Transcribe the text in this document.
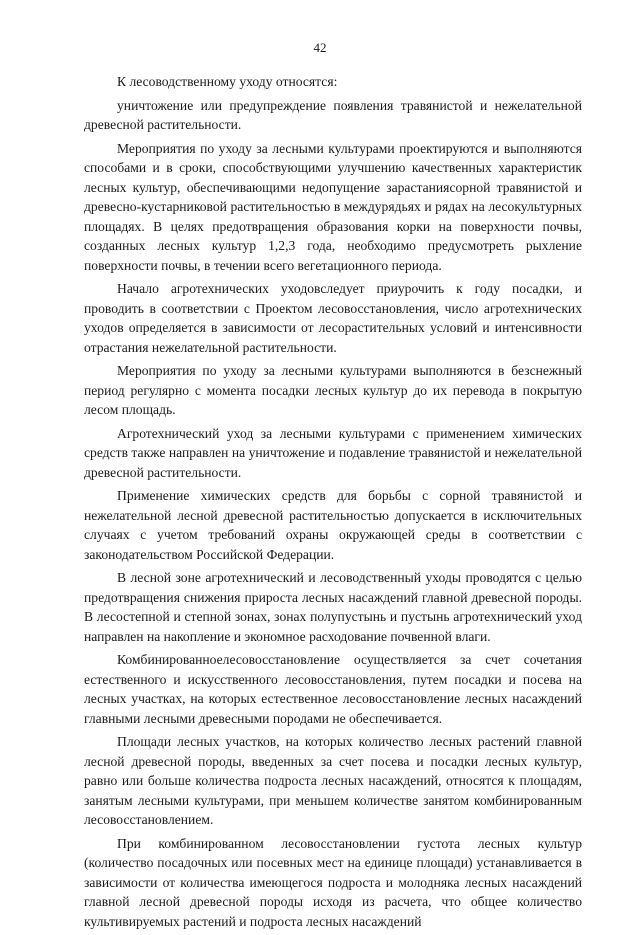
42

К лесоводственному уходу относятся:

уничтожение или предупреждение появления травянистой и нежелательной древесной растительности.

Мероприятия по уходу за лесными культурами проектируются и выполняются способами и в сроки, способствующими улучшению качественных характеристик лесных культур, обеспечивающими недопущение зарастаниясорной травянистой и древесно-кустарниковой растительностью в междурядьях и рядах на лесокультурных площадях. В целях предотвращения образования корки на поверхности почвы, созданных лесных культур 1,2,3 года, необходимо предусмотреть рыхление поверхности почвы, в течении всего вегетационного периода.

Начало агротехнических уходовследует приурочить к году посадки, и проводить в соответствии с Проектом лесовосстановления, число агротехнических уходов определяется в зависимости от лесорастительных условий и интенсивности отрастания нежелательной растительности.

Мероприятия по уходу за лесными культурами выполняются в безснежный период регулярно с момента посадки лесных культур до их перевода в покрытую лесом площадь.

Агротехнический уход за лесными культурами с применением химических средств также направлен на уничтожение и подавление травянистой и нежелательной древесной растительности.

Применение химических средств для борьбы с сорной травянистой и нежелательной лесной древесной растительностью допускается в исключительных случаях с учетом требований охраны окружающей среды в соответствии с законодательством Российской Федерации.

В лесной зоне агротехнический и лесоводственный уходы проводятся с целью предотвращения снижения прироста лесных насаждений главной древесной породы. В лесостепной и степной зонах, зонах полупустынь и пустынь агротехнический уход направлен на накопление и экономное расходование почвенной влаги.

Комбинированноелесовосстановление осуществляется за счет сочетания естественного и искусственного лесовосстановления, путем посадки и посева на лесных участках, на которых естественное лесовосстановление лесных насаждений главными лесными древесными породами не обеспечивается.

Площади лесных участков, на которых количество лесных растений главной лесной древесной породы, введенных за счет посева и посадки лесных культур, равно или больше количества подроста лесных насаждений, относятся к площадям, занятым лесными культурами, при меньшем количестве занятом комбинированным лесовосстановлением.

При комбинированном лесовосстановлении густота лесных культур (количество посадочных или посевных мест на единице площади) устанавливается в зависимости от количества имеющегося подроста и молодняка лесных насаждений главной лесной древесной породы исходя из расчета, что общее количество культивируемых растений и подроста лесных насаждений
